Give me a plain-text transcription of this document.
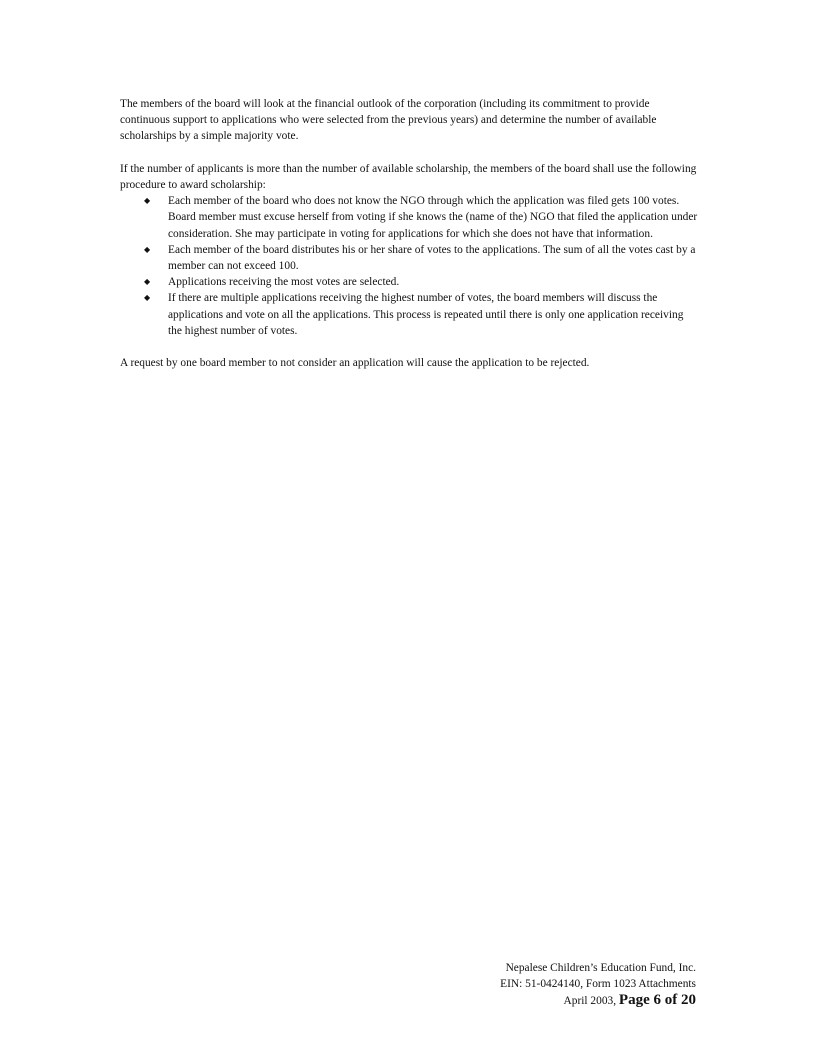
The members of the board will look at the financial outlook of the corporation (including its commitment to provide continuous support to applications who were selected from the previous years) and determine the number of available scholarships by a simple majority vote.

If the number of applicants is more than the number of available scholarship, the members of the board shall use the following procedure to award scholarship:

◆ Each member of the board who does not know the NGO through which the application was filed gets 100 votes. Board member must excuse herself from voting if she knows the (name of the) NGO that filed the application under consideration. She may participate in voting for applications for which she does not have that information.
◆ Each member of the board distributes his or her share of votes to the applications. The sum of all the votes cast by a member can not exceed 100.
◆ Applications receiving the most votes are selected.
◆ If there are multiple applications receiving the highest number of votes, the board members will discuss the applications and vote on all the applications. This process is repeated until there is only one application receiving the highest number of votes.

A request by one board member to not consider an application will cause the application to be rejected.

Nepalese Children’s Education Fund, Inc.
EIN: 51-0424140, Form 1023 Attachments
April 2003, Page 6 of 20
